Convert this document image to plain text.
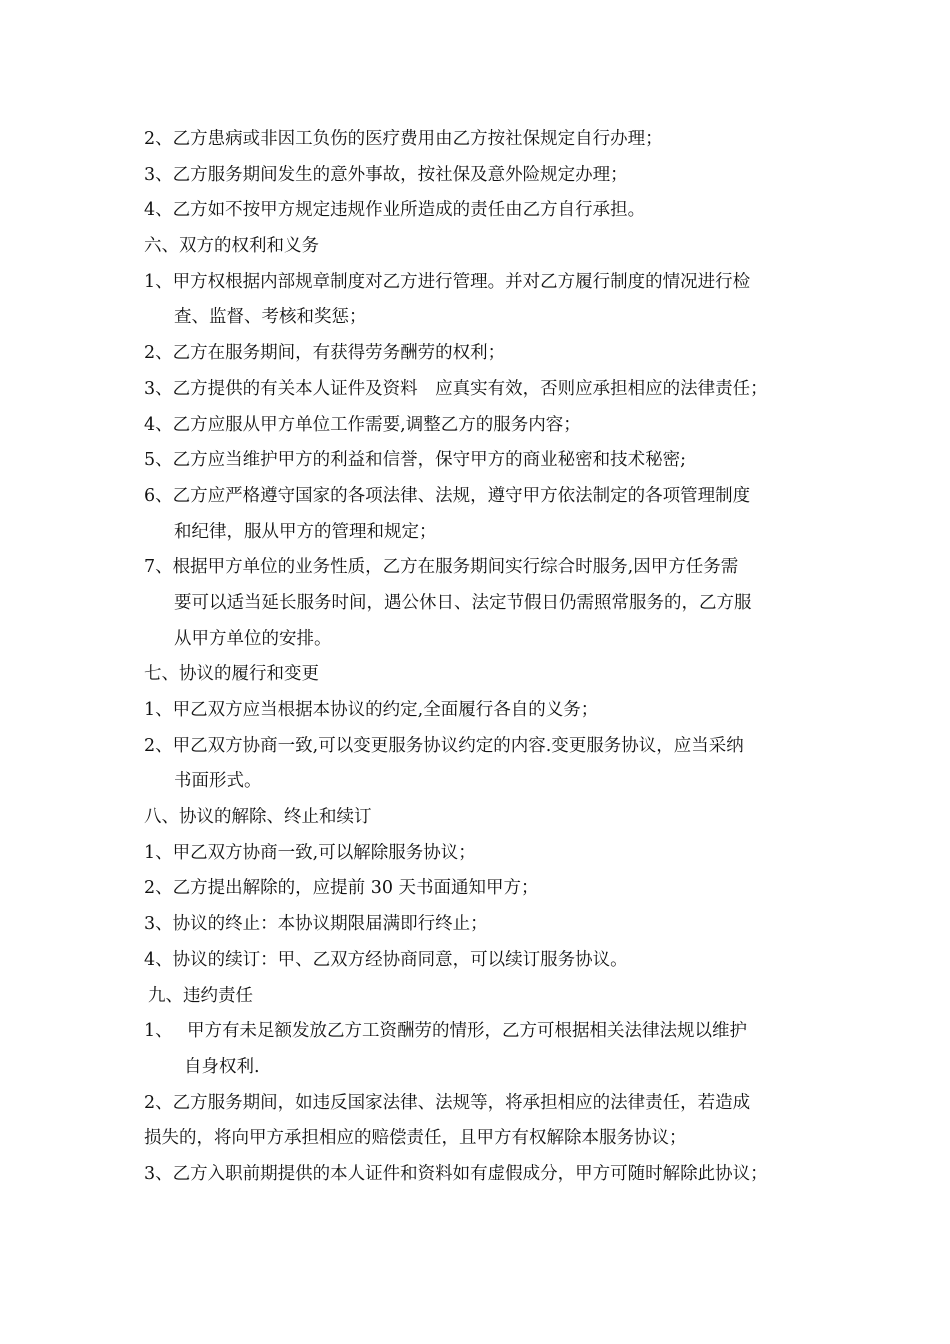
2、乙方患病或非因工负伤的医疗费用由乙方按社保规定自行办理；
3、乙方服务期间发生的意外事故，按社保及意外险规定办理；
4、乙方如不按甲方规定违规作业所造成的责任由乙方自行承担。
六、双方的权利和义务
1、甲方权根据内部规章制度对乙方进行管理。并对乙方履行制度的情况进行检
查、监督、考核和奖惩；
2、乙方在服务期间，有获得劳务酬劳的权利；
3、乙方提供的有关本人证件及资料　应真实有效，否则应承担相应的法律责任；
4、乙方应服从甲方单位工作需要,调整乙方的服务内容；
5、乙方应当维护甲方的利益和信誉，保守甲方的商业秘密和技术秘密;
6、乙方应严格遵守国家的各项法律、法规，遵守甲方依法制定的各项管理制度
和纪律，服从甲方的管理和规定；
7、根据甲方单位的业务性质，乙方在服务期间实行综合时服务,因甲方任务需
要可以适当延长服务时间，遇公休日、法定节假日仍需照常服务的，乙方服
从甲方单位的安排。
七、协议的履行和变更
1、甲乙双方应当根据本协议的约定,全面履行各自的义务；
2、甲乙双方协商一致,可以变更服务协议约定的内容.变更服务协议，应当采纳
书面形式。
八、协议的解除、终止和续订
1、甲乙双方协商一致,可以解除服务协议；
2、乙方提出解除的，应提前 30 天书面通知甲方；
3、协议的终止：本协议期限届满即行终止；
4、协议的续订：甲、乙双方经协商同意，可以续订服务协议。
九、违约责任
1、　 甲方有未足额发放乙方工资酬劳的情形，乙方可根据相关法律法规以维护
自身权利.
2、乙方服务期间，如违反国家法律、法规等，将承担相应的法律责任，若造成
损失的，将向甲方承担相应的赔偿责任，且甲方有权解除本服务协议；
3、乙方入职前期提供的本人证件和资料如有虚假成分，甲方可随时解除此协议；
